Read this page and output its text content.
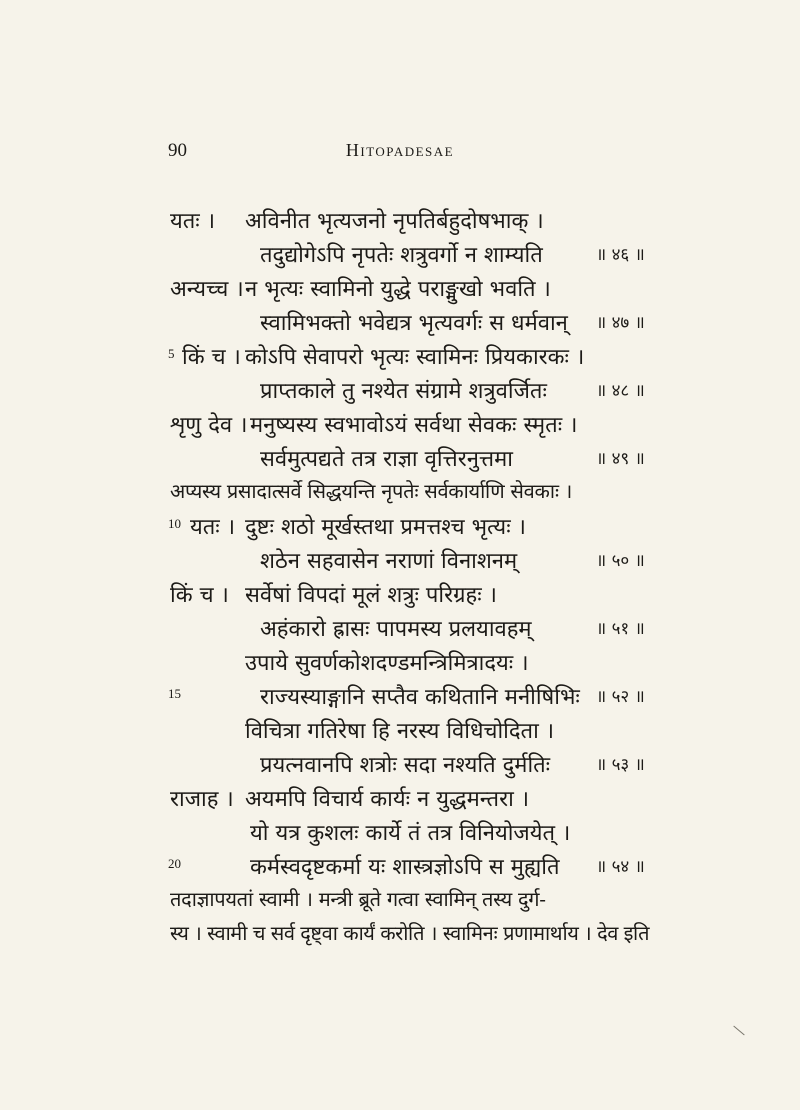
90	Hitopadesae
यतः । अविनीत भृत्यजनो नृपतिर्बहुदोषभाक् ।
तदुद्योगेऽपि नृपतेः शत्रुवर्गो न शाम्यति	॥ ४६ ॥
अन्यच्च । न भृत्यः स्वामिनो युद्धे पराङ्मुखो भवति ।
स्वामिभक्तो भवेद्यत्र भृत्यवर्गः स धर्मवान् ॥ ४७ ॥
5 किं च । कोऽपि सेवापरो भृत्यः स्वामिनः प्रियकारकः ।
प्राप्तकाले तु नश्येत संग्रामे शत्रुवर्जितः	॥ ४८ ॥
शृणु देव । मनुष्यस्य स्वभावोऽयं सर्वथा सेवकः स्मृतः ।
सर्वमुत्पद्यते तत्र राज्ञा वृत्तिरनुत्तमा	॥ ४९ ॥
अप्यस्य प्रसादात्सर्वे सिद्धयन्ति नृपतेः सर्वकार्याणि सेवकाः ।
10 यतः । दुष्टः शठो मूर्खस्तथा प्रमत्तश्च भृत्यः ।
शठेन सहवासेन नराणां विनाशनम्	॥ ५० ॥
किं च । सर्वेषां विपदां मूलं शत्रुः परिग्रहः ।
अहंकारो ह्रासः पापमस्य प्रलयावहम्	॥ ५१ ॥
उपाये सुवर्णकोशदण्डमन्त्रिमित्रादयः ।
15	राज्यस्याङ्गानि सप्तैव कथितानि मनीषिभिः ॥ ५२ ॥
विचित्रा गतिरेषा हि नरस्य विधिचोदिता ।
प्रयत्नवानपि शत्रोः सदा नश्यति दुर्मतिः	॥ ५३ ॥
राजाह । अयमपि विचार्य कार्यः न युद्धमन्तरा ।
यो यत्र कुशलः कार्ये तं तत्र विनियोजयेत् ।
20	कर्मस्वदृष्टकर्मा यः शास्त्रज्ञोऽपि स मुह्यति ॥ ५४ ॥
तदाज्ञापयतां स्वामी । मन्त्री ब्रूते गत्वा स्वामिन् तस्य दुर्ग-
स्य । स्वामी च सर्व दृष्ट्वा कार्यं करोति । स्वामिनः प्रणामार्थाय । देव इति
